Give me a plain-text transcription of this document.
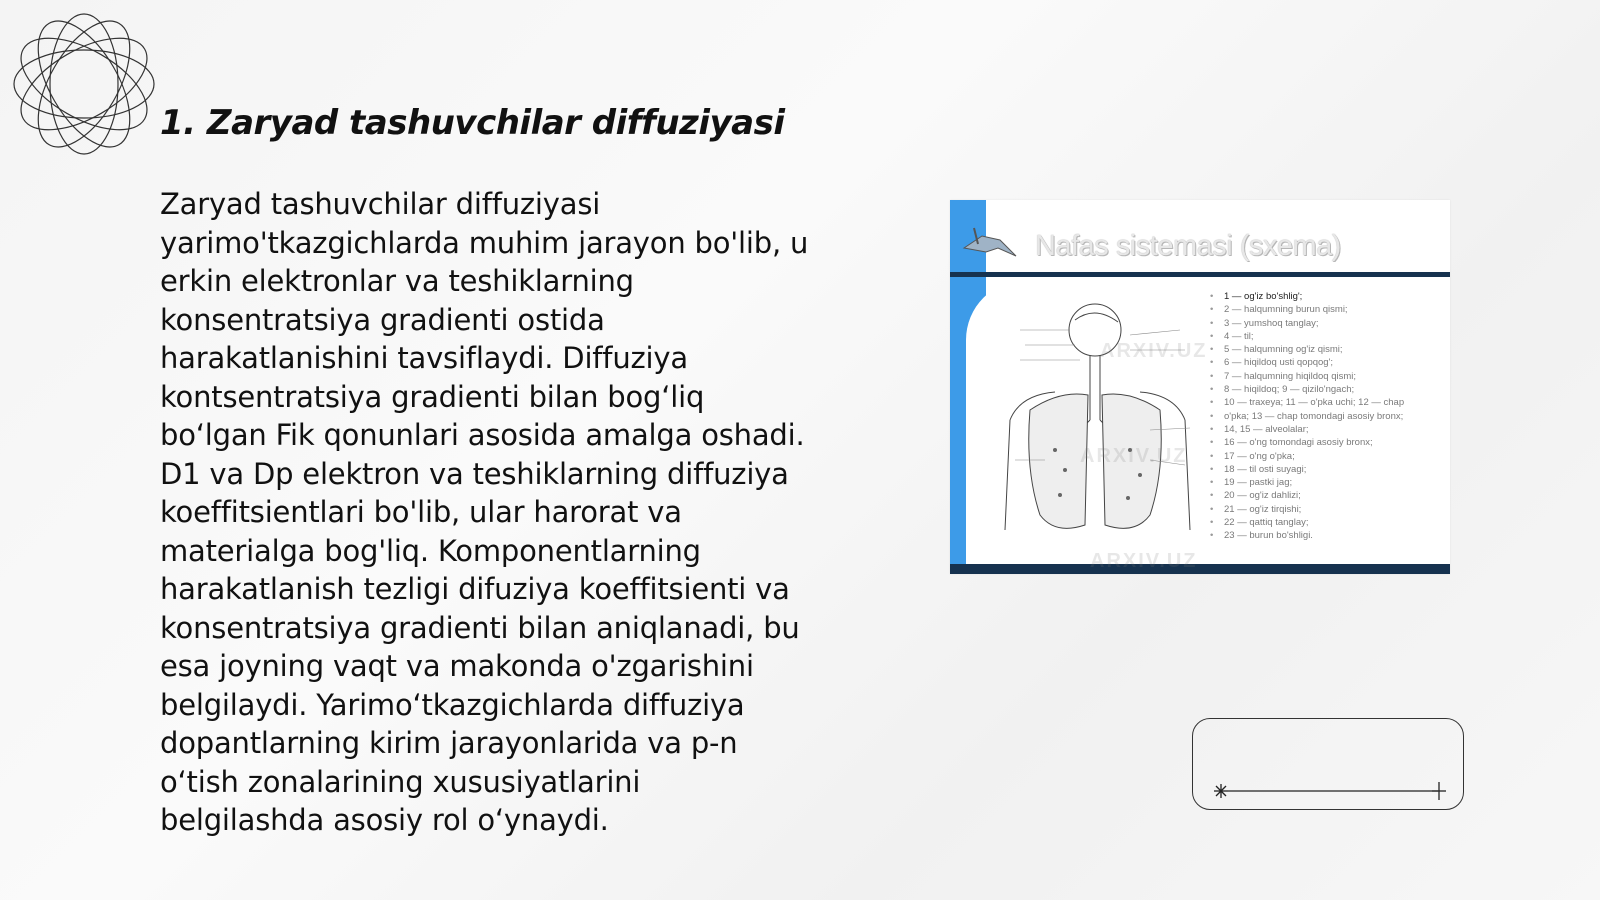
1. Zaryad tashuvchilar diffuziyasi

Zaryad tashuvchilar diffuziyasi
yarimo'tkazgichlarda muhim jarayon bo'lib, u
erkin elektronlar va teshiklarning
konsentratsiya gradienti ostida
harakatlanishini tavsiflaydi. Diffuziya
kontsentratsiya gradienti bilan bog‘liq
bo‘lgan Fik qonunlari asosida amalga oshadi.
D1 va Dp elektron va teshiklarning diffuziya
koeffitsientlari bo'lib, ular harorat va
materialga bog'liq. Komponentlarning
harakatlanish tezligi difuziya koeffitsienti va
konsentratsiya gradienti bilan aniqlanadi, bu
esa joyning vaqt va makonda o'zgarishini
belgilaydi. Yarimo‘tkazgichlarda diffuziya
dopantlarning kirim jarayonlarida va p-n
o‘tish zonalarining xususiyatlarini
belgilashda asosiy rol o‘ynaydi.

Nafas sistemasi (sxema)
• 1 — og'iz bo'shlig';
• 2 — halqumning burun qismi;
• 3 — yumshoq tanglay;
• 4 — til;
• 5 — halqumning og'iz qismi;
• 6 — hiqildoq usti qopqog';
• 7 — halqumning hiqildoq qismi;
• 8 — hiqildoq; 9 — qizilo'ngach;
• 10 — traxeya; 11 — o'pka uchi; 12 — chap
• o'pka; 13 — chap tomondagi asosiy bronx;
• 14, 15 — alveolalar;
• 16 — o'ng tomondagi asosiy bronx;
• 17 — o'ng o'pka;
• 18 — til osti suyagi;
• 19 — pastki jag;
• 20 — og'iz dahlizi;
• 21 — og'iz tirqishi;
• 22 — qattiq tanglay;
• 23 — burun bo'shligi.
ARXIV.UZ
ARXIV.UZ
ARXIV.UZ
